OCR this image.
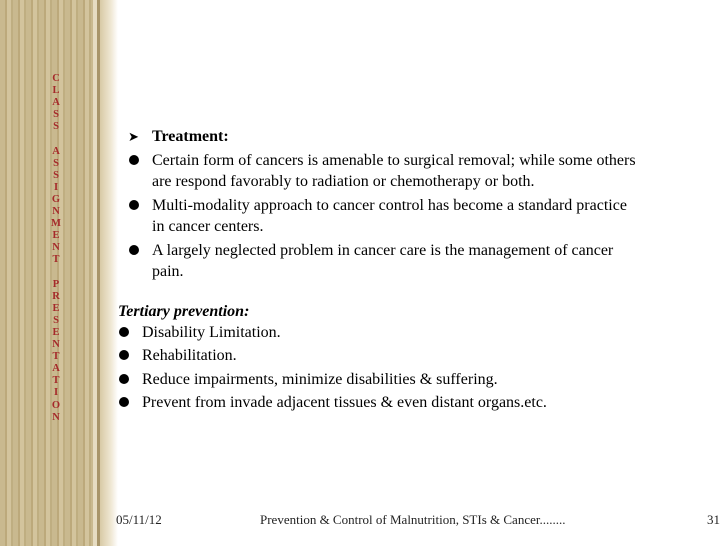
C
L
A
S
S
A
S
S
I
G
N
M
E
N
T
P
R
E
S
E
N
T
A
T
I
O
N
➤ Treatment:
Certain form of cancers is amenable to surgical removal; while some others
are respond favorably to radiation or chemotherapy or both.
Multi-modality approach to cancer control has become a standard practice
in cancer centers.
A largely neglected problem in cancer care is the management of cancer
pain.
Tertiary prevention:
Disability Limitation.
Rehabilitation.
Reduce impairments, minimize disabilities & suffering.
Prevent from invade adjacent tissues & even distant organs.etc.
05/11/12	Prevention & Control of Malnutrition, STIs & Cancer........	31
